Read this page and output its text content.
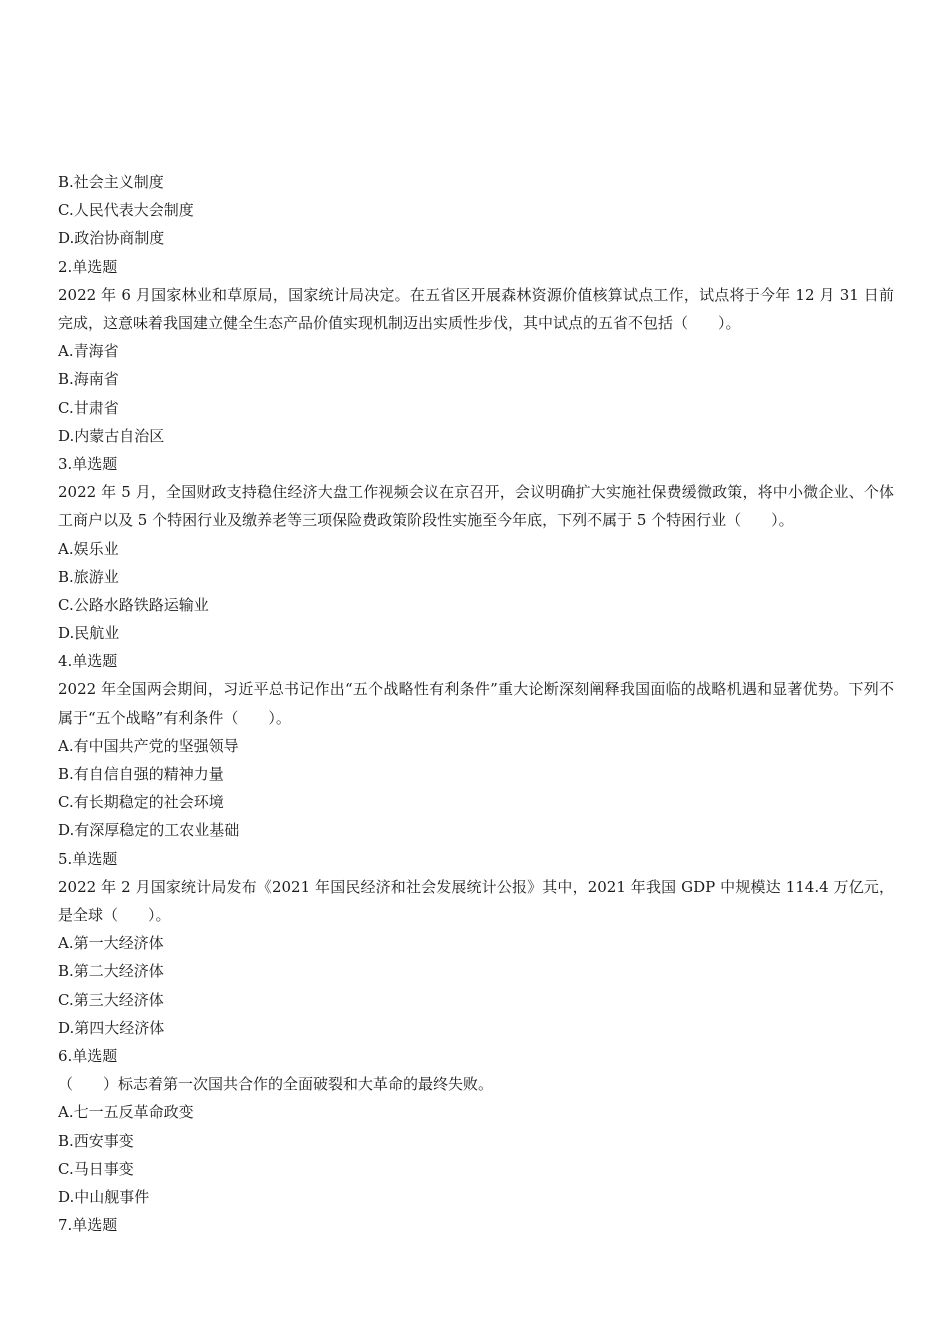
B.社会主义制度
C.人民代表大会制度
D.政治协商制度
2.单选题
2022 年 6 月国家林业和草原局，国家统计局决定。在五省区开展森林资源价值核算试点工作，试点将于今年 12 月 31 日前完成，这意味着我国建立健全生态产品价值实现机制迈出实质性步伐，其中试点的五省不包括（　　）。
A.青海省
B.海南省
C.甘肃省
D.内蒙古自治区
3.单选题
2022 年 5 月，全国财政支持稳住经济大盘工作视频会议在京召开，会议明确扩大实施社保费缓微政策，将中小微企业、个体工商户以及 5 个特困行业及缴养老等三项保险费政策阶段性实施至今年底，下列不属于 5 个特困行业（　　）。
A.娱乐业
B.旅游业
C.公路水路铁路运输业
D.民航业
4.单选题
2022 年全国两会期间，习近平总书记作出“五个战略性有利条件”重大论断深刻阐释我国面临的战略机遇和显著优势。下列不属于“五个战略”有利条件（　　）。
A.有中国共产党的坚强领导
B.有自信自强的精神力量
C.有长期稳定的社会环境
D.有深厚稳定的工农业基础
5.单选题
2022 年 2 月国家统计局发布《2021 年国民经济和社会发展统计公报》其中，2021 年我国 GDP 中规模达 114.4 万亿元，是全球（　　）。
A.第一大经济体
B.第二大经济体
C.第三大经济体
D.第四大经济体
6.单选题
（　　）标志着第一次国共合作的全面破裂和大革命的最终失败。
A.七一五反革命政变
B.西安事变
C.马日事变
D.中山舰事件
7.单选题
